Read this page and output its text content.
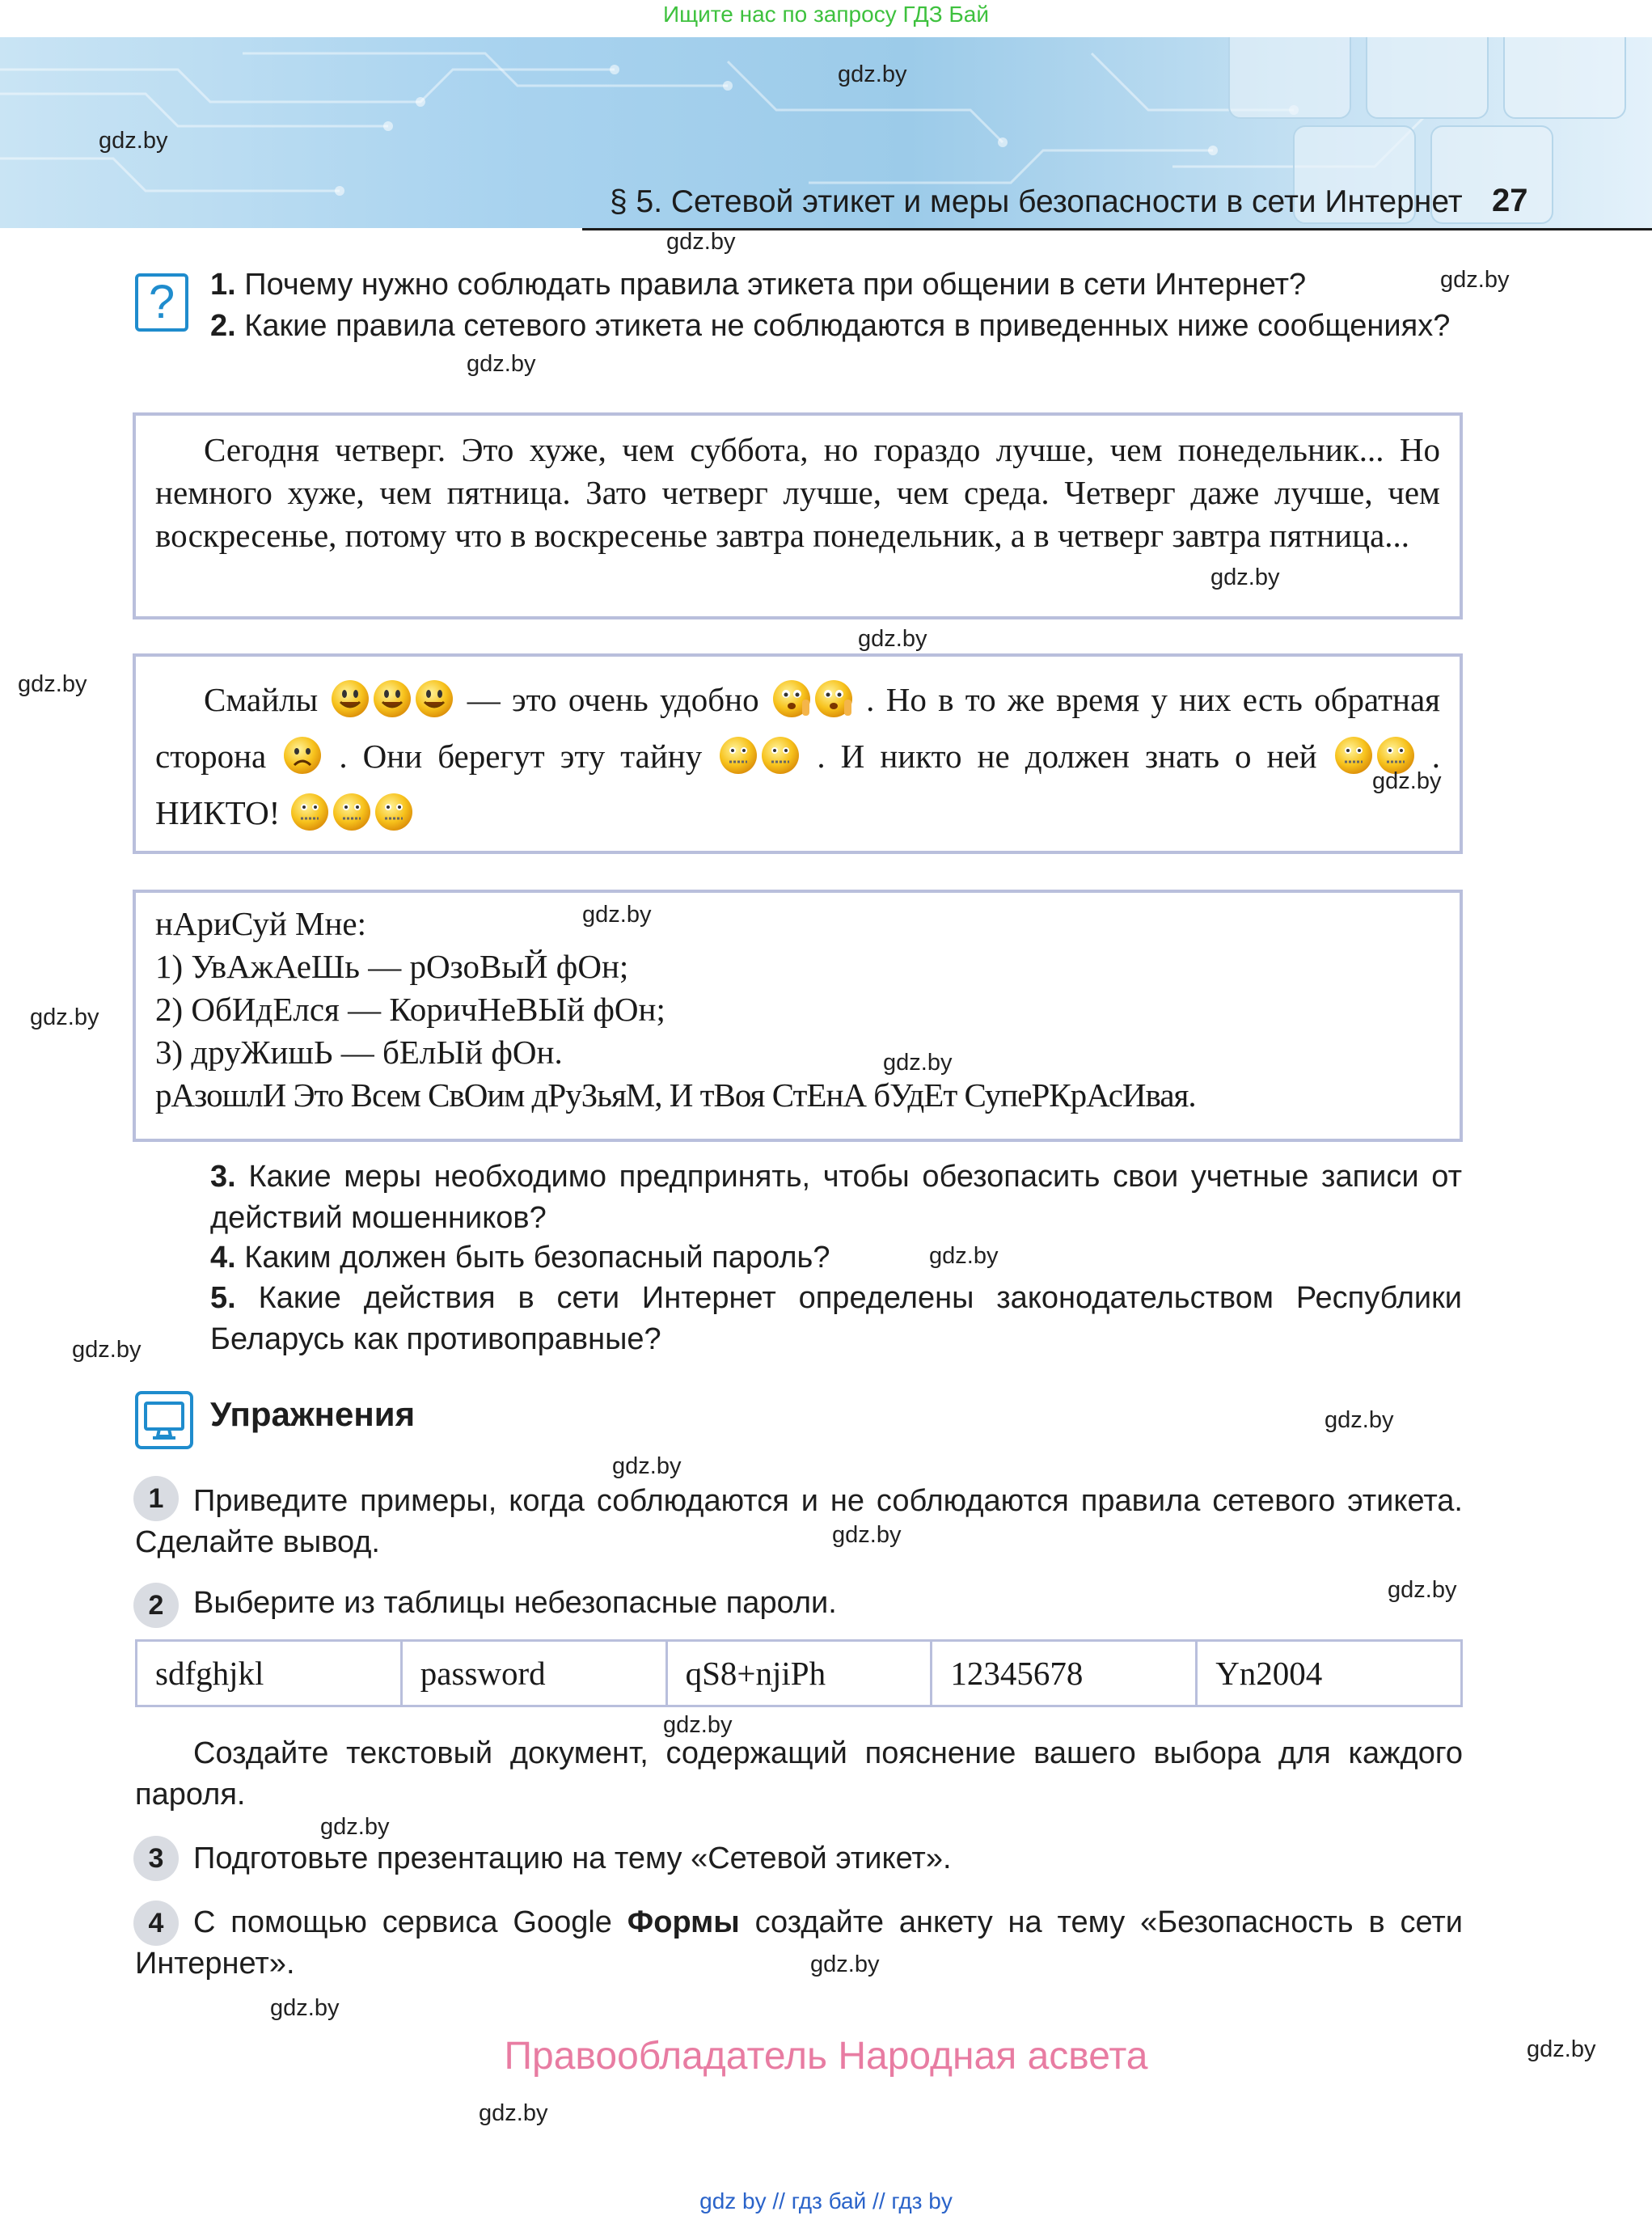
Ищите нас по запросу ГДЗ Бай
§ 5. Сетевой этикет и меры безопасности в сети Интернет 27
?	1. Почему нужно соблюдать правила этикета при общении в сети Интернет?
2. Какие правила сетевого этикета не соблюдаются в приведенных ниже сообщениях?

Сегодня четверг. Это хуже, чем суббота, но гораздо лучше, чем понедельник... Но немного хуже, чем пятница. Зато четверг лучше, чем среда. Четверг даже лучше, чем воскресенье, потому что в воскресенье завтра понедельник, а в четверг завтра пятница...

Смайлы	— это очень удобно	. Но в то же время у них есть обратная сторона . Они берегут эту тайну	. И никто не должен знать о ней	. НИКТО!

нАриСуй Мне:

1) УвАжАеШь — рОзоВыЙ фОн;

2) ОбИдЕлся — КоричНеВЫй фОн;

3) друЖишЬ — бЕлЫй фОн.

рАзошлИ Это Всем СвОим дРуЗьяМ, И тВоя СтЕнА бУдЕт СупеРКрАсИвая.

3. Какие меры необходимо предпринять, чтобы обезопасить свои учетные записи от действий мошенников?
4. Каким должен быть безопасный пароль?
5. Какие действия в сети Интернет определены законодательством Республики Беларусь как противоправные?
Упражнения
1 Приведите примеры, когда соблюдаются и не соблюдаются правила сетевого этикета. Сделайте вывод.
2 Выберите из таблицы небезопасные пароли.
sdfghjkl	password	qS8+njiPh	12345678	Yn2004
Создайте текстовый документ, содержащий пояснение вашего выбора для каждого пароля.
3 Подготовьте презентацию на тему «Сетевой этикет».
4 С помощью сервиса Google Формы создайте анкету на тему «Безопасность в сети Интернет».
Правообладатель Народная асвета
gdz by // гдз бай // гдз by
gdz.by
gdz.by
gdz.by
gdz.by
gdz.by
gdz.by
gdz.by
gdz.by
gdz.by
gdz.by
gdz.by
gdz.by
gdz.by
gdz.by
gdz.by
gdz.by
gdz.by
gdz.by
gdz.by
gdz.by
gdz.by
gdz.by
gdz.by
gdz.by
